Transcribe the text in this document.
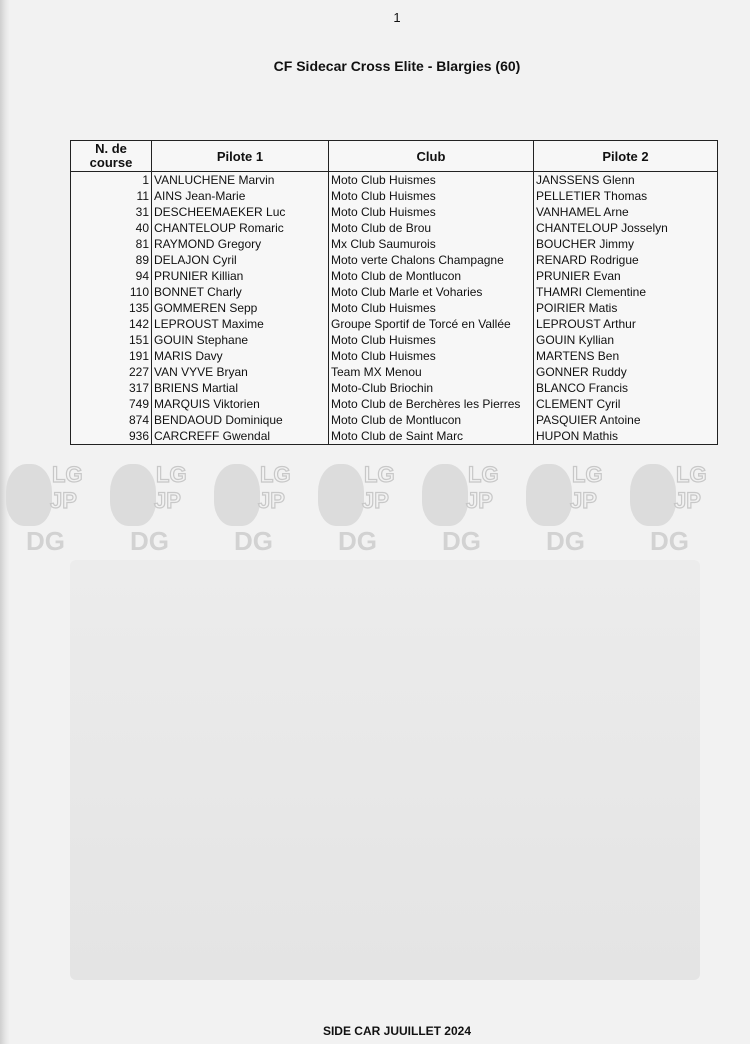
1
CF Sidecar Cross Elite - Blargies (60)
N. de course	Pilote 1	Club	Pilote 2
1	VANLUCHENE Marvin	Moto Club Huismes	JANSSENS Glenn
11	AINS Jean-Marie	Moto Club Huismes	PELLETIER Thomas
31	DESCHEEMAEKER Luc	Moto Club Huismes	VANHAMEL Arne
40	CHANTELOUP Romaric	Moto Club de Brou	CHANTELOUP Josselyn
81	RAYMOND Gregory	Mx Club Saumurois	BOUCHER Jimmy
89	DELAJON Cyril	Moto verte Chalons Champagne	RENARD Rodrigue
94	PRUNIER Killian	Moto Club de Montlucon	PRUNIER Evan
110	BONNET Charly	Moto Club Marle et Voharies	THAMRI Clementine
135	GOMMEREN Sepp	Moto Club Huismes	POIRIER Matis
142	LEPROUST Maxime	Groupe Sportif de Torcé en Vallée	LEPROUST Arthur
151	GOUIN Stephane	Moto Club Huismes	GOUIN Kyllian
191	MARIS Davy	Moto Club Huismes	MARTENS Ben
227	VAN VYVE Bryan	Team MX Menou	GONNER Ruddy
317	BRIENS Martial	Moto-Club Briochin	BLANCO Francis
749	MARQUIS Viktorien	Moto Club de Berchères les Pierres	CLEMENT Cyril
874	BENDAOUD Dominique	Moto Club de Montlucon	PASQUIER Antoine
936	CARCREFF Gwendal	Moto Club de Saint Marc	HUPON Mathis
LG
JP
DG
LG
JP
DG
LG
JP
DG
LG
JP
DG
LG
JP
DG
LG
JP
DG
LG
JP
DG
SIDE CAR JUUILLET 2024
